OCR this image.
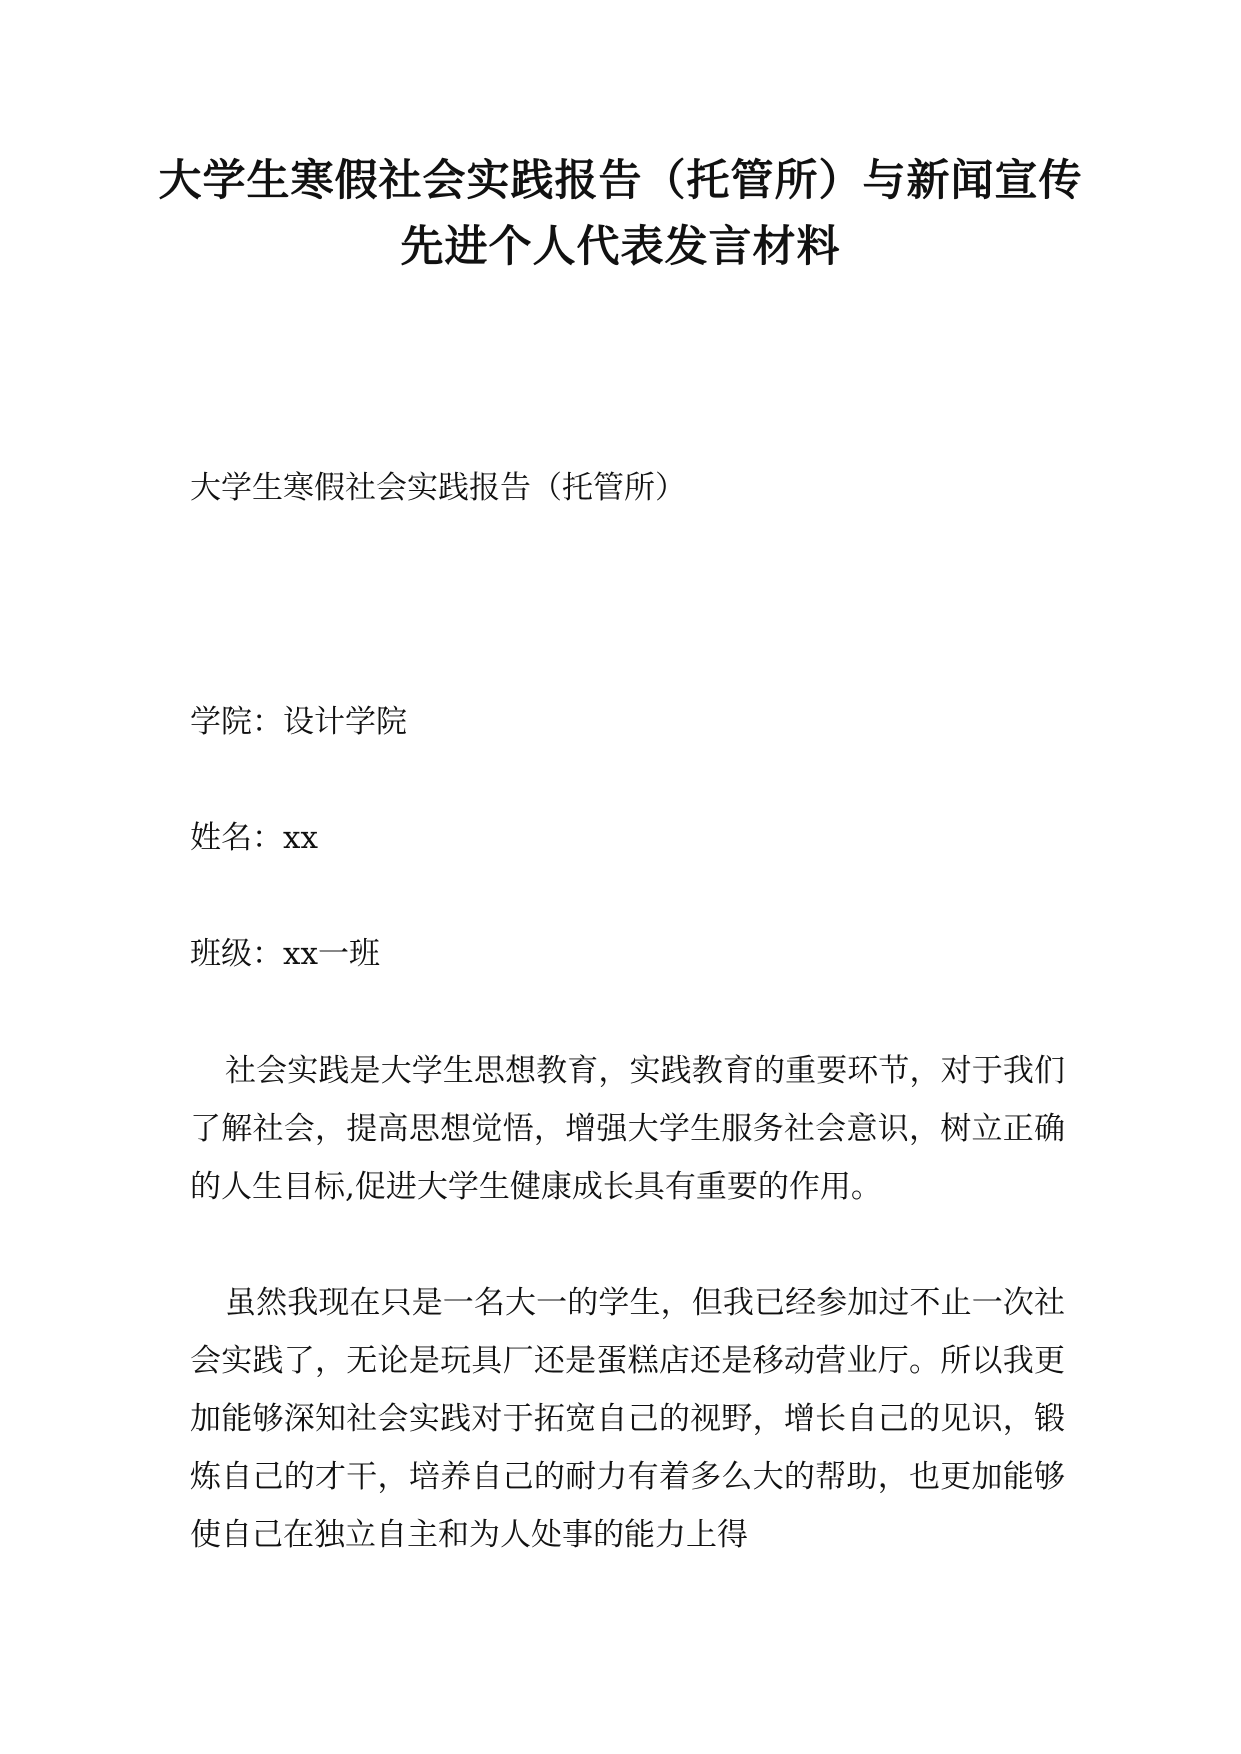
大学生寒假社会实践报告（托管所）与新闻宣传先进个人代表发言材料

大学生寒假社会实践报告（托管所）

学院：设计学院

姓名：xx

班级：xx一班

社会实践是大学生思想教育，实践教育的重要环节，对于我们了解社会，提高思想觉悟，增强大学生服务社会意识，树立正确的人生目标,促进大学生健康成长具有重要的作用。

虽然我现在只是一名大一的学生，但我已经参加过不止一次社会实践了，无论是玩具厂还是蛋糕店还是移动营业厅。所以我更加能够深知社会实践对于拓宽自己的视野，增长自己的见识，锻炼自己的才干，培养自己的耐力有着多么大的帮助，也更加能够使自己在独立自主和为人处事的能力上得
